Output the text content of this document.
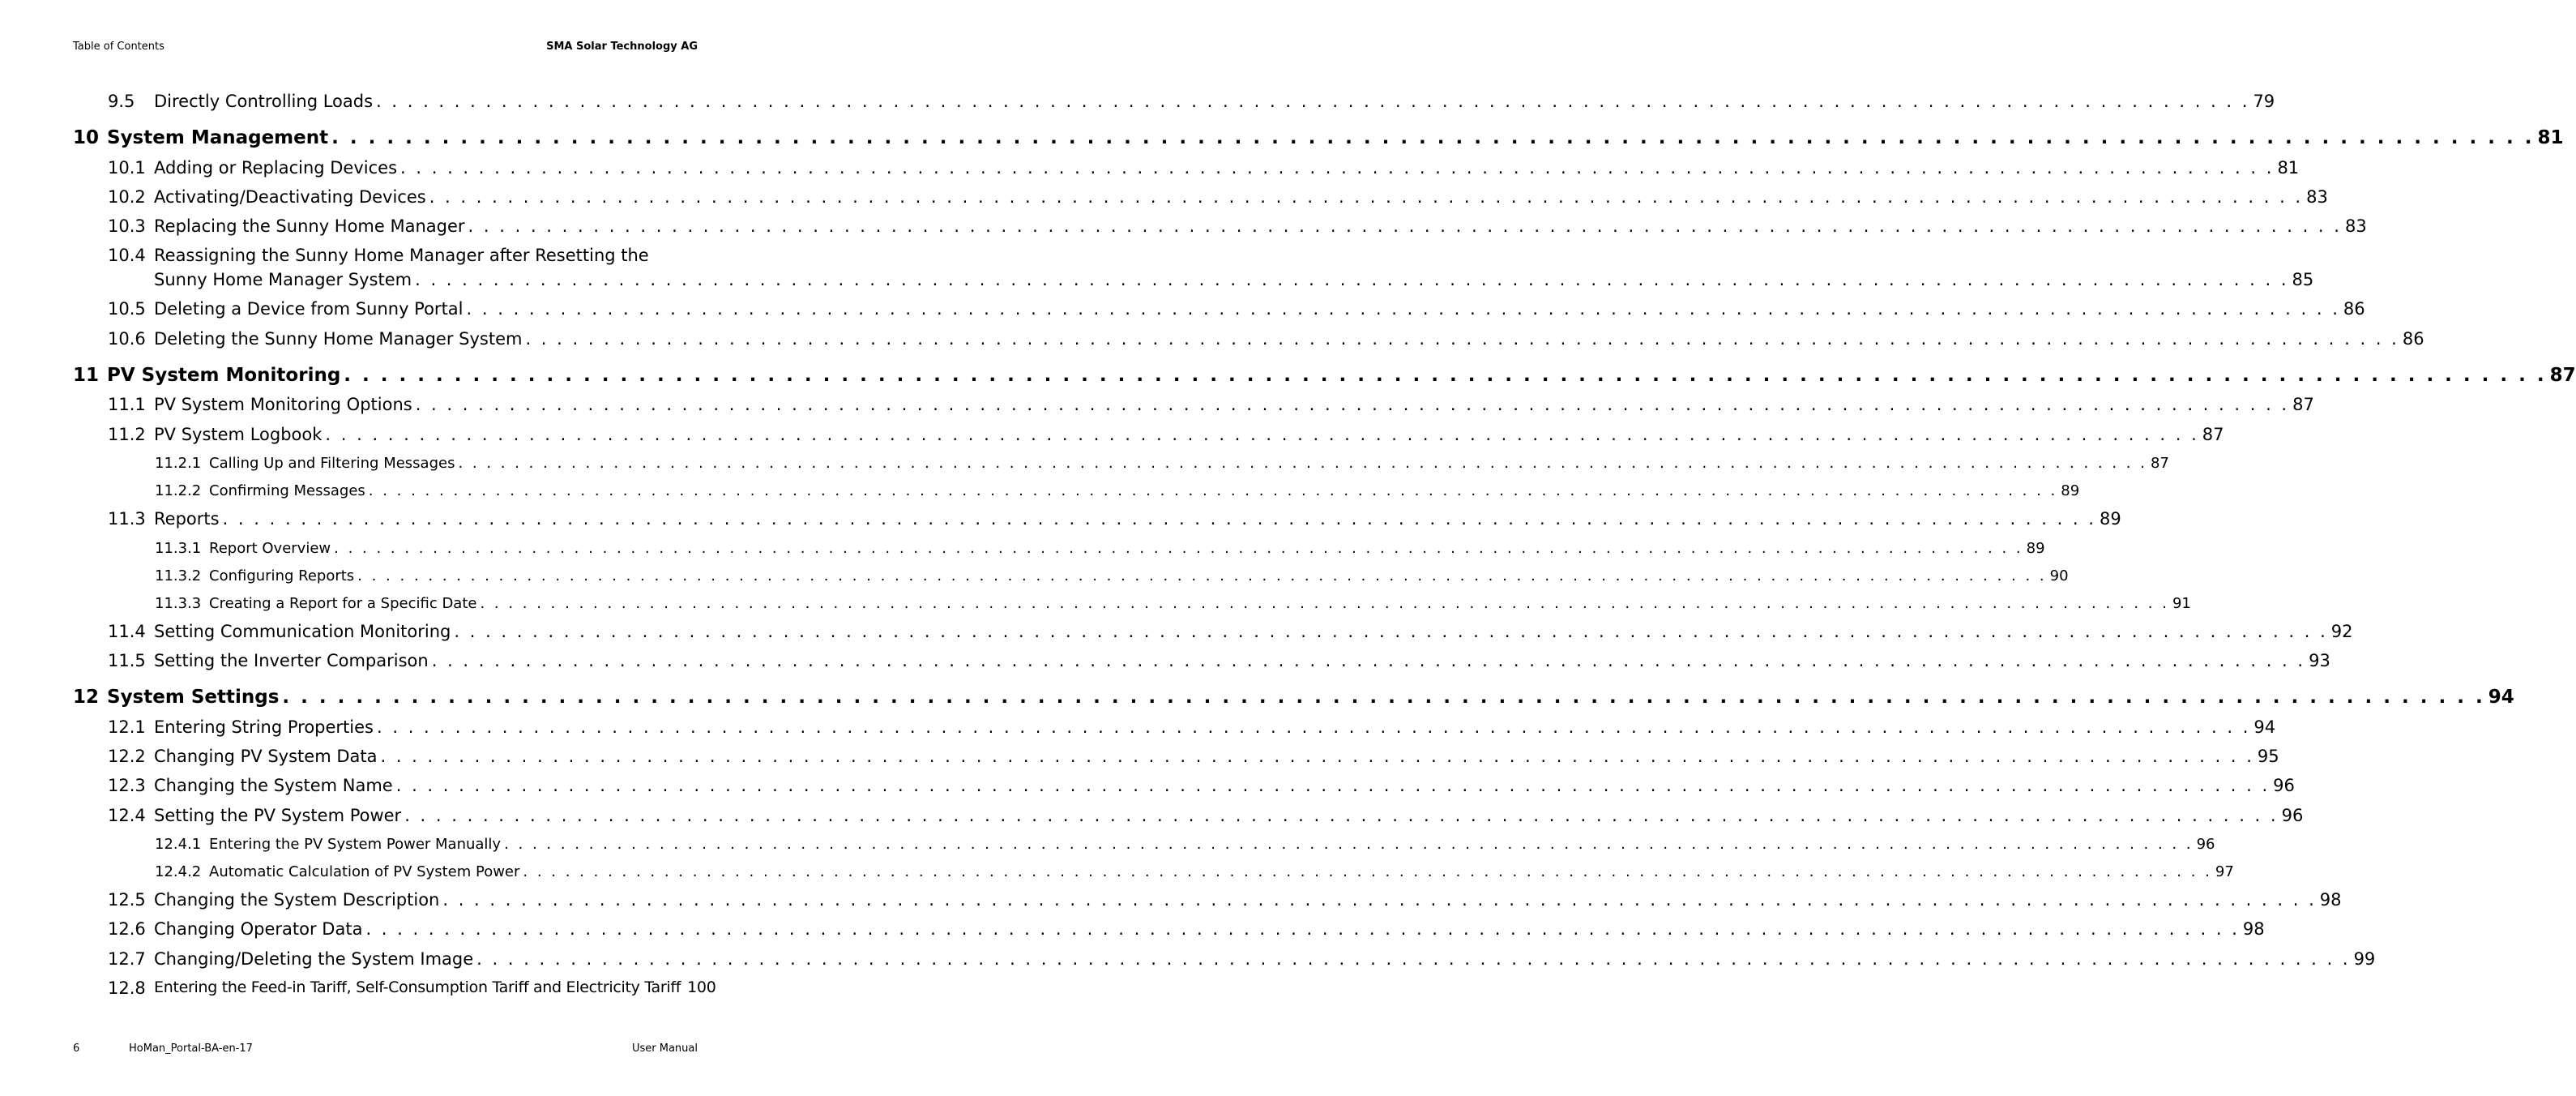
Table of Contents	SMA Solar Technology AG
9.5 Directly Controlling Loads . . . . . . . . . . . . . . . . . . . . . . . . . . . . . . . . . . . . . . . . . . . . . . . . . . . . . . . . . . . . . . . . . . . . . . . . . . . . . . . . . . . . . . . . . . . . . . . . . . . . . . . . . . . . . . . . . . . . . . . . 79
10 System Management . . . . . . . . . . . . . . . . . . . . . . . . . . . . . . . . . . . . . . . . . . . . . . . . . . . . . . . . . . . . . . . . . . . . . . . . . . . . . . . . . . . . . . . . . . . . . . . . . . . . . . . . . . . . . . . . . . . . . . . . 81
10.1 Adding or Replacing Devices . . . . . . . . . . . . . . . . . . . . . . . . . . . . . . . . . . . . . . . . . . . . . . . . . . . . . . . . . . . . . . . . . . . . . . . . . . . . . . . . . . . . . . . . . . . . . . . . . . . . . . . . . . . . . . . . . . . . . . . . 81
10.2 Activating/Deactivating Devices . . . . . . . . . . . . . . . . . . . . . . . . . . . . . . . . . . . . . . . . . . . . . . . . . . . . . . . . . . . . . . . . . . . . . . . . . . . . . . . . . . . . . . . . . . . . . . . . . . . . . . . . . . . . . . . . . . . . . . . . 83
10.3 Replacing the Sunny Home Manager . . . . . . . . . . . . . . . . . . . . . . . . . . . . . . . . . . . . . . . . . . . . . . . . . . . . . . . . . . . . . . . . . . . . . . . . . . . . . . . . . . . . . . . . . . . . . . . . . . . . . . . . . . . . . . . . . . . . . . . . 83
10.4 Reassigning the Sunny Home Manager after Resetting the
Sunny Home Manager System . . . . . . . . . . . . . . . . . . . . . . . . . . . . . . . . . . . . . . . . . . . . . . . . . . . . . . . . . . . . . . . . . . . . . . . . . . . . . . . . . . . . . . . . . . . . . . . . . . . . . . . . . . . . . . . . . . . . . . . . 85
10.5 Deleting a Device from Sunny Portal . . . . . . . . . . . . . . . . . . . . . . . . . . . . . . . . . . . . . . . . . . . . . . . . . . . . . . . . . . . . . . . . . . . . . . . . . . . . . . . . . . . . . . . . . . . . . . . . . . . . . . . . . . . . . . . . . . . . . . . . 86
10.6 Deleting the Sunny Home Manager System . . . . . . . . . . . . . . . . . . . . . . . . . . . . . . . . . . . . . . . . . . . . . . . . . . . . . . . . . . . . . . . . . . . . . . . . . . . . . . . . . . . . . . . . . . . . . . . . . . . . . . . . . . . . . . . . . . . . . . . . 86
11 PV System Monitoring . . . . . . . . . . . . . . . . . . . . . . . . . . . . . . . . . . . . . . . . . . . . . . . . . . . . . . . . . . . . . . . . . . . . . . . . . . . . . . . . . . . . . . . . . . . . . . . . . . . . . . . . . . . . . . . . . . . . . . . . 87
11.1 PV System Monitoring Options . . . . . . . . . . . . . . . . . . . . . . . . . . . . . . . . . . . . . . . . . . . . . . . . . . . . . . . . . . . . . . . . . . . . . . . . . . . . . . . . . . . . . . . . . . . . . . . . . . . . . . . . . . . . . . . . . . . . . . . . 87
11.2 PV System Logbook . . . . . . . . . . . . . . . . . . . . . . . . . . . . . . . . . . . . . . . . . . . . . . . . . . . . . . . . . . . . . . . . . . . . . . . . . . . . . . . . . . . . . . . . . . . . . . . . . . . . . . . . . . . . . . . . . . . . . . . . 87
11.2.1 Calling Up and Filtering Messages . . . . . . . . . . . . . . . . . . . . . . . . . . . . . . . . . . . . . . . . . . . . . . . . . . . . . . . . . . . . . . . . . . . . . . . . . . . . . . . . . . . . . . . . . . . . . . . . . . . . . . . . . . . . . . . . . . . . . . . . 87
11.2.2 Confirming Messages . . . . . . . . . . . . . . . . . . . . . . . . . . . . . . . . . . . . . . . . . . . . . . . . . . . . . . . . . . . . . . . . . . . . . . . . . . . . . . . . . . . . . . . . . . . . . . . . . . . . . . . . . . . . . . . . . . . . . . . . 89
11.3 Reports . . . . . . . . . . . . . . . . . . . . . . . . . . . . . . . . . . . . . . . . . . . . . . . . . . . . . . . . . . . . . . . . . . . . . . . . . . . . . . . . . . . . . . . . . . . . . . . . . . . . . . . . . . . . . . . . . . . . . . . . 89
11.3.1 Report Overview . . . . . . . . . . . . . . . . . . . . . . . . . . . . . . . . . . . . . . . . . . . . . . . . . . . . . . . . . . . . . . . . . . . . . . . . . . . . . . . . . . . . . . . . . . . . . . . . . . . . . . . . . . . . . . . . . . . . . . . . 89
11.3.2 Configuring Reports . . . . . . . . . . . . . . . . . . . . . . . . . . . . . . . . . . . . . . . . . . . . . . . . . . . . . . . . . . . . . . . . . . . . . . . . . . . . . . . . . . . . . . . . . . . . . . . . . . . . . . . . . . . . . . . . . . . . . . . . 90
11.3.3 Creating a Report for a Specific Date . . . . . . . . . . . . . . . . . . . . . . . . . . . . . . . . . . . . . . . . . . . . . . . . . . . . . . . . . . . . . . . . . . . . . . . . . . . . . . . . . . . . . . . . . . . . . . . . . . . . . . . . . . . . . . . . . . . . . . . . 91
11.4 Setting Communication Monitoring . . . . . . . . . . . . . . . . . . . . . . . . . . . . . . . . . . . . . . . . . . . . . . . . . . . . . . . . . . . . . . . . . . . . . . . . . . . . . . . . . . . . . . . . . . . . . . . . . . . . . . . . . . . . . . . . . . . . . . . . 92
11.5 Setting the Inverter Comparison . . . . . . . . . . . . . . . . . . . . . . . . . . . . . . . . . . . . . . . . . . . . . . . . . . . . . . . . . . . . . . . . . . . . . . . . . . . . . . . . . . . . . . . . . . . . . . . . . . . . . . . . . . . . . . . . . . . . . . . . 93
12 System Settings . . . . . . . . . . . . . . . . . . . . . . . . . . . . . . . . . . . . . . . . . . . . . . . . . . . . . . . . . . . . . . . . . . . . . . . . . . . . . . . . . . . . . . . . . . . . . . . . . . . . . . . . . . . . . . . . . . . . . . . . 94
12.1 Entering String Properties . . . . . . . . . . . . . . . . . . . . . . . . . . . . . . . . . . . . . . . . . . . . . . . . . . . . . . . . . . . . . . . . . . . . . . . . . . . . . . . . . . . . . . . . . . . . . . . . . . . . . . . . . . . . . . . . . . . . . . . . 94
12.2 Changing PV System Data . . . . . . . . . . . . . . . . . . . . . . . . . . . . . . . . . . . . . . . . . . . . . . . . . . . . . . . . . . . . . . . . . . . . . . . . . . . . . . . . . . . . . . . . . . . . . . . . . . . . . . . . . . . . . . . . . . . . . . . . 95
12.3 Changing the System Name . . . . . . . . . . . . . . . . . . . . . . . . . . . . . . . . . . . . . . . . . . . . . . . . . . . . . . . . . . . . . . . . . . . . . . . . . . . . . . . . . . . . . . . . . . . . . . . . . . . . . . . . . . . . . . . . . . . . . . . . 96
12.4 Setting the PV System Power . . . . . . . . . . . . . . . . . . . . . . . . . . . . . . . . . . . . . . . . . . . . . . . . . . . . . . . . . . . . . . . . . . . . . . . . . . . . . . . . . . . . . . . . . . . . . . . . . . . . . . . . . . . . . . . . . . . . . . . . 96
12.4.1 Entering the PV System Power Manually . . . . . . . . . . . . . . . . . . . . . . . . . . . . . . . . . . . . . . . . . . . . . . . . . . . . . . . . . . . . . . . . . . . . . . . . . . . . . . . . . . . . . . . . . . . . . . . . . . . . . . . . . . . . . . . . . . . . . . . . 96
12.4.2 Automatic Calculation of PV System Power . . . . . . . . . . . . . . . . . . . . . . . . . . . . . . . . . . . . . . . . . . . . . . . . . . . . . . . . . . . . . . . . . . . . . . . . . . . . . . . . . . . . . . . . . . . . . . . . . . . . . . . . . . . . . . . . . . . . . . . . 97
12.5 Changing the System Description . . . . . . . . . . . . . . . . . . . . . . . . . . . . . . . . . . . . . . . . . . . . . . . . . . . . . . . . . . . . . . . . . . . . . . . . . . . . . . . . . . . . . . . . . . . . . . . . . . . . . . . . . . . . . . . . . . . . . . . . 98
12.6 Changing Operator Data . . . . . . . . . . . . . . . . . . . . . . . . . . . . . . . . . . . . . . . . . . . . . . . . . . . . . . . . . . . . . . . . . . . . . . . . . . . . . . . . . . . . . . . . . . . . . . . . . . . . . . . . . . . . . . . . . . . . . . . . 98
12.7 Changing/Deleting the System Image . . . . . . . . . . . . . . . . . . . . . . . . . . . . . . . . . . . . . . . . . . . . . . . . . . . . . . . . . . . . . . . . . . . . . . . . . . . . . . . . . . . . . . . . . . . . . . . . . . . . . . . . . . . . . . . . . . . . . . . . 99
12.8 Entering the Feed-in Tariff, Self-Consumption Tariff and Electricity Tariff 100
6	HoMan_Portal-BA-en-17	User Manual
